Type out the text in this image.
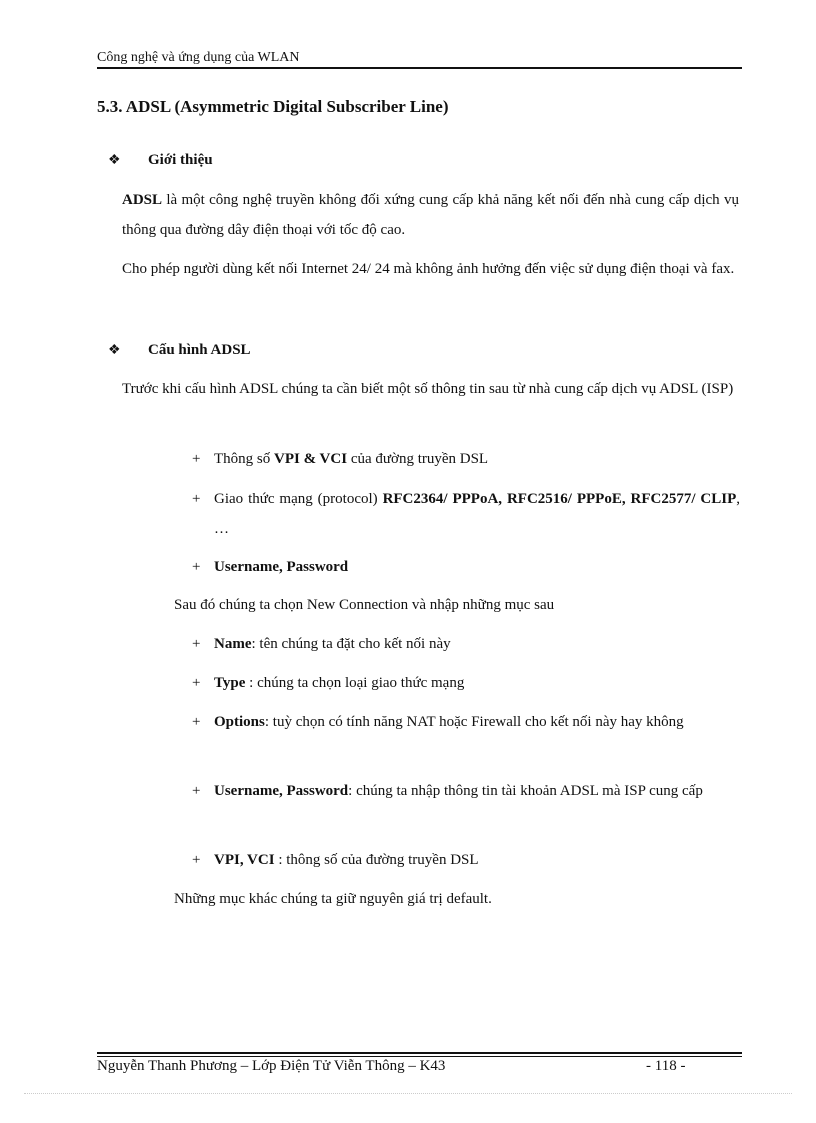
Công nghệ và ứng dụng của WLAN
5.3. ADSL (Asymmetric Digital Subscriber Line)
❖	Giới thiệu
ADSL là một công nghệ truyền không đối xứng cung cấp khả năng kết nối đến nhà cung cấp dịch vụ thông qua đường dây điện thoại với tốc độ cao.
Cho phép người dùng kết nối Internet 24/ 24 mà không ảnh hưởng đến việc sử dụng điện thoại và fax.
❖	Cấu hình ADSL
Trước khi cấu hình ADSL chúng ta cần biết một số thông tin sau từ nhà cung cấp dịch vụ ADSL (ISP)
+ Thông số VPI & VCI của đường truyền DSL
+ Giao thức mạng (protocol) RFC2364/ PPPoA, RFC2516/ PPPoE, RFC2577/ CLIP, …
+ Username, Password
Sau đó chúng ta chọn New Connection và nhập những mục sau
+ Name: tên chúng ta đặt cho kết nối này
+ Type : chúng ta chọn loại giao thức mạng
+ Options: tuỳ chọn có tính năng NAT hoặc Firewall cho kết nối này hay không
+ Username, Password: chúng ta nhập thông tin tài khoản ADSL mà ISP cung cấp
+ VPI, VCI : thông số của đường truyền DSL
Những mục khác chúng ta giữ nguyên giá trị default.
Nguyễn Thanh Phương – Lớp Điện Tử Viễn Thông – K43	- 118 -
